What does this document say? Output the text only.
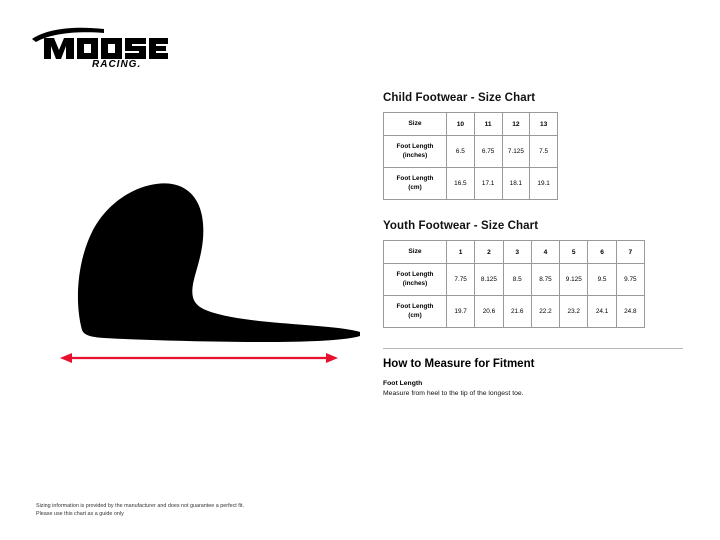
RACING.
Child Footwear - Size Chart
Size	10	11	12	13
Foot Length
(inches)	6.5	6.75	7.125	7.5
Foot Length
(cm)	16.5	17.1	18.1	19.1
Youth Footwear - Size Chart
Size	1	2	3	4	5	6	7
Foot Length
(inches)	7.75	8.125	8.5	8.75	9.125	9.5	9.75
Foot Length
(cm)	19.7	20.6	21.6	22.2	23.2	24.1	24.8
How to Measure for Fitment

Foot Length

Measure from heel to the tip of the longest toe.

Sizing information is provided by the manufacturer and does not guarantee a perfect fit.

Please use this chart as a guide only
